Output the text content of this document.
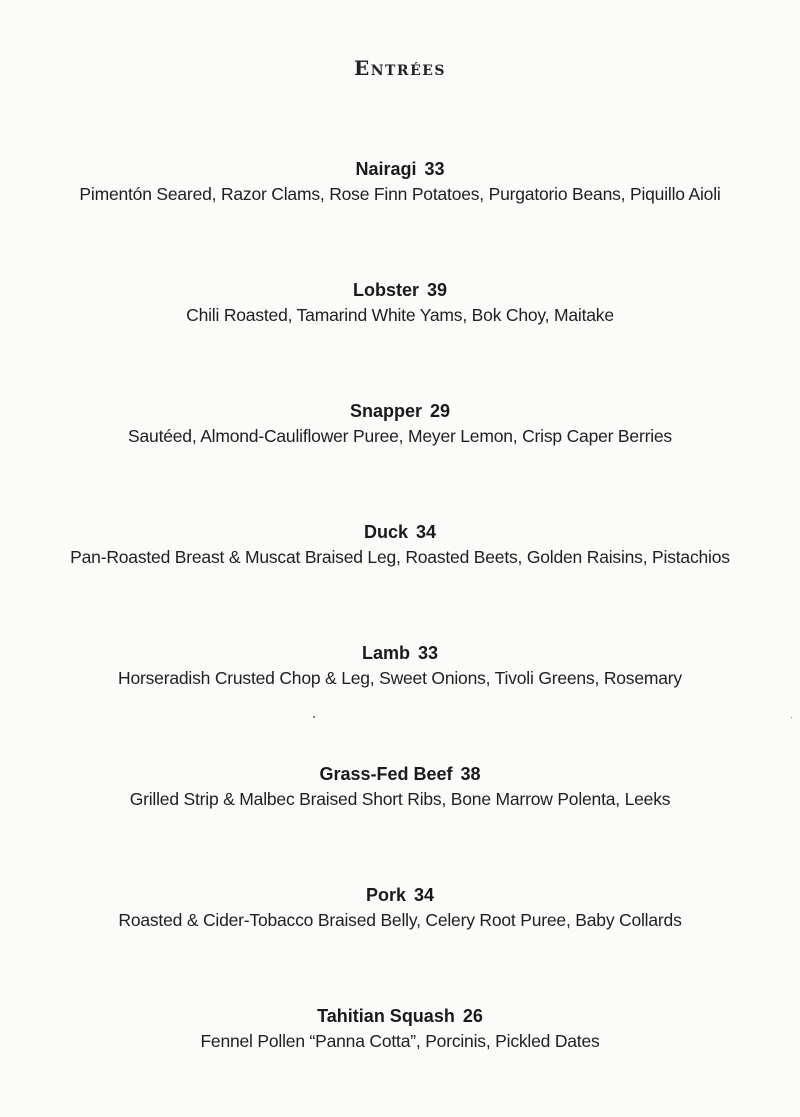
Entrées
Nairagi 33
Pimentón Seared, Razor Clams, Rose Finn Potatoes, Purgatorio Beans, Piquillo Aioli
Lobster 39
Chili Roasted, Tamarind White Yams, Bok Choy, Maitake
Snapper 29
Sautéed, Almond-Cauliflower Puree, Meyer Lemon, Crisp Caper Berries
Duck 34
Pan-Roasted Breast & Muscat Braised Leg, Roasted Beets, Golden Raisins, Pistachios
Lamb 33
Horseradish Crusted Chop & Leg, Sweet Onions, Tivoli Greens, Rosemary
Grass-Fed Beef 38
Grilled Strip & Malbec Braised Short Ribs, Bone Marrow Polenta, Leeks
Pork 34
Roasted & Cider-Tobacco Braised Belly, Celery Root Puree, Baby Collards
Tahitian Squash 26
Fennel Pollen “Panna Cotta”, Porcinis, Pickled Dates
